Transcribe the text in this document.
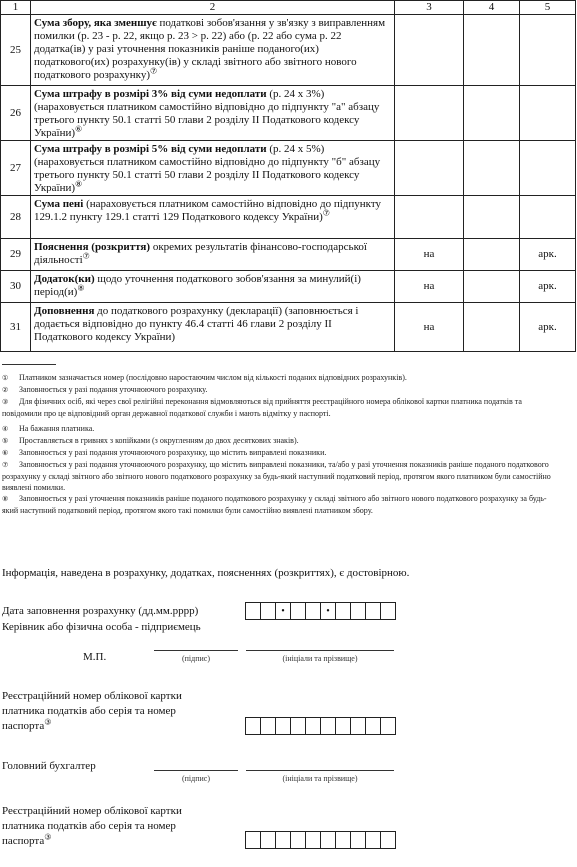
1	2	3	4	5
25	Сума збору, яка зменшує податкові зобов'язання у зв'язку з виправленням помилки (р. 23 - р. 22, якщо р. 23 > р. 22) або (р. 22 або сума р. 22 додатка(ів) у разі уточнення показників раніше поданого(их) податкового(их) розрахунку(ів) у складі звітного або звітного нового податкового розрахунку)⑦

26	Сума штрафу в розмірі 3% від суми недоплати (р. 24 x 3%) (нараховується платником самостійно відповідно до підпункту "а" абзацу третього пункту 50.1 статті 50 глави 2 розділу II Податкового кодексу України)⑥

27	Сума штрафу в розмірі 5% від суми недоплати (р. 24 x 5%) (нараховується платником самостійно відповідно до підпункту "б" абзацу третього пункту 50.1 статті 50 глави 2 розділу II Податкового кодексу України)⑧

28	Сума пені (нараховується платником самостійно відповідно до підпункту 129.1.2 пункту 129.1 статті 129 Податкового кодексу України)⑦

29	Пояснення (розкриття) окремих результатів фінансово-господарської діяльності⑦	на		арк.
30	Додаток(ки) щодо уточнення податкового зобов'язання за минулий(і) період(и)⑧	на		арк.
31	Доповнення до податкового розрахунку (декларації) (заповнюється і додається відповідно до пункту 46.4 статті 46 глави 2 розділу II Податкового кодексу України)	на		арк.

① Платником зазначається номер (послідовно наростаючим числом від кількості поданих відповідних розрахунків).

② Заповнюється у разі подання уточнюючого розрахунку.

③ Для фізичних осіб, які через свої релігійні переконання відмовляються від прийняття реєстраційного номера облікової картки платника податків та повідомили про це відповідний орган державної податкової служби і мають відмітку у паспорті.

④ На бажання платника.

⑤ Проставляється в гривнях з копійками (з округленням до двох десяткових знаків).

⑥ Заповнюється у разі подання уточнюючого розрахунку, що містить виправлені показники.

⑦ Заповнюється у разі подання уточнюючого розрахунку, що містить виправлені показники, та/або у разі уточнення показників раніше поданого податкового розрахунку у складі звітного або звітного нового податкового розрахунку за будь-який наступний податковий період, протягом якого платником були самостійно виявлені помилки.

⑧ Заповнюється у разі уточнення показників раніше поданого податкового розрахунку у складі звітного або звітного нового податкового розрахунку за будь-який наступний податковий період, протягом якого такі помилки були самостійно виявлені платником збору.

Інформація, наведена в розрахунку, додатках, поясненнях (розкриттях), є достовірною.
Дата заповнення розрахунку (дд.мм.рррр)	•	•
Керівник або фізична особа - підприємець
М.П.	(підпис)	(ініціали та прізвище)
Реєстраційний номер облікової картки
платника податків або серія та номер
паспорта③
Головний бухгалтер
(підпис)	(ініціали та прізвище)
Реєстраційний номер облікової картки
платника податків або серія та номер
паспорта③
